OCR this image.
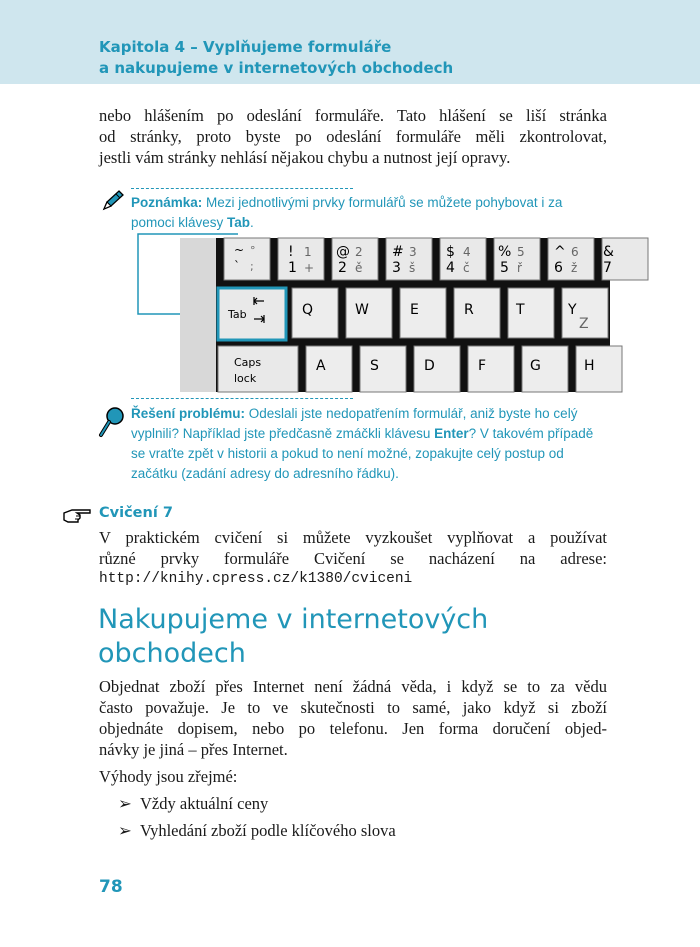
Kapitola 4 – Vyplňujeme formuláře
a nakupujeme v internetových obchodech
nebo hlášením po odeslání formuláře. Tato hlášení se liší stránka
od stránky, proto byste po odeslání formuláře měli zkontrolovat,
jestli vám stránky nehlásí nějakou chybu a nutnost její opravy.
Poznámka: Mezi jednotlivými prvky formulářů se můžete pohybovat i za
pomoci klávesy Tab.
~
`
°
;
!
1
1
+
@
2
2
ě
#
3
3
š
$
4
4
č
%
5
5
ř
^
6
6
ž
&
7
Tab	Q	W	E	R	T	Y
Z
Caps
lock
A	S	D	F	G	H
Řešení problému: Odeslali jste nedopatřením formulář, aniž byste ho celý
vyplnili? Například jste předčasně zmáčkli klávesu Enter? V takovém případě
se vraťte zpět v historii a pokud to není možné, zopakujte celý postup od
začátku (zadání adresy do adresního řádku).
Cvičení 7
V praktickém cvičení si můžete vyzkoušet vyplňovat a používat
různé prvky formuláře Cvičení se nacházení na adrese:
http://knihy.cpress.cz/k1380/cviceni
Nakupujeme v internetových
obchodech
Objednat zboží přes Internet není žádná věda, i když se to za vědu
často považuje. Je to ve skutečnosti to samé, jako když si zboží
objednáte dopisem, nebo po telefonu. Jen forma doručení objed-
návky je jiná – přes Internet.
Výhody jsou zřejmé:
➢ Vždy aktuální ceny
➢ Vyhledání zboží podle klíčového slova
78
